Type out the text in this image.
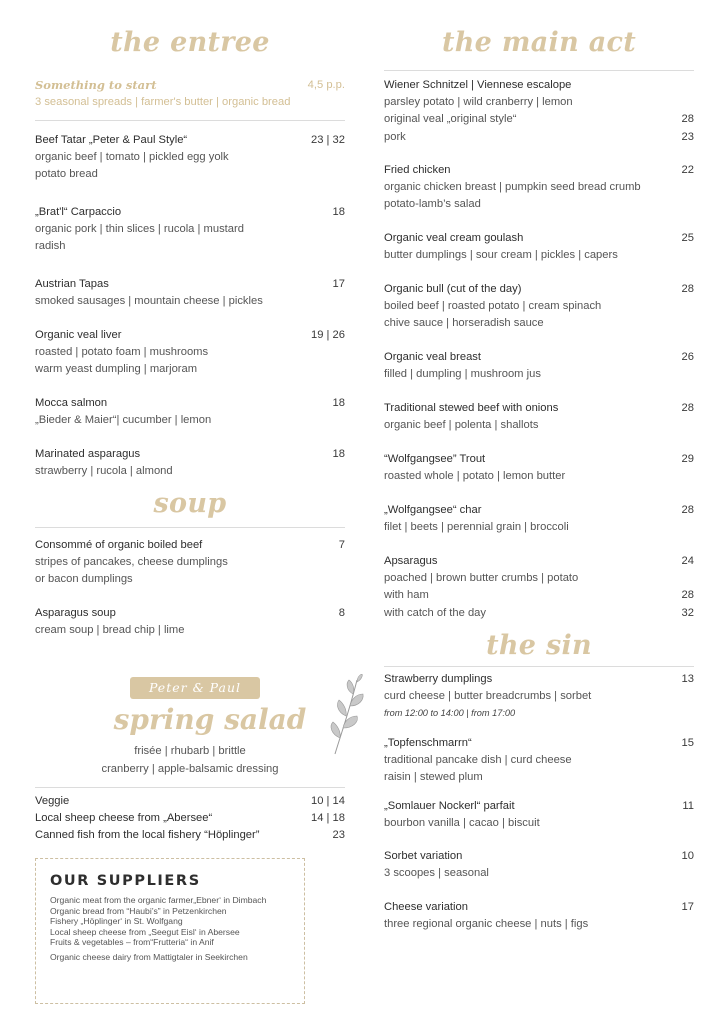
the entree
Something to start	4,5 p.p.
3 seasonal spreads | farmer's butter | organic bread
Beef Tatar „Peter & Paul Style“	23 | 32
organic beef | tomato | pickled egg yolk
potato bread
„Brat'l“ Carpaccio	18
organic pork | thin slices | rucola | mustard
radish
Austrian Tapas	17
smoked sausages | mountain cheese | pickles
Organic veal liver	19 | 26
roasted | potato foam | mushrooms
warm yeast dumpling | marjoram
Mocca salmon	18
„Bieder & Maier“| cucumber | lemon
Marinated asparagus	18
strawberry | rucola | almond
soup
Consommé of organic boiled beef	7
stripes of pancakes, cheese dumplings
or bacon dumplings
Asparagus soup	8
cream soup | bread chip | lime
Peter & Paul
spring salad
frisée | rhubarb | brittle
cranberry | apple-balsamic dressing
Veggie	10 | 14
Local sheep cheese from „Abersee“	14 | 18
Canned fish from the local fishery “Höplinger”	23
OUR SUPPLIERS
Organic meat from the organic farmer„Ebner‘ in Dimbach
Organic bread from “Haubi’s” in Petzenkirchen
Fishery „Höplinger‘ in St. Wolfgang
Local sheep cheese from „Seegut Eisl‘ in Abersee
Fruits & vegetables – from“Frutteria“ in Anif
Organic cheese dairy from Mattigtaler in Seekirchen
the main act
Wiener Schnitzel | Viennese escalope
parsley potato | wild cranberry | lemon
original veal „original style“	28
pork	23
Fried chicken	22
organic chicken breast | pumpkin seed bread crumb
potato-lamb’s salad
Organic veal cream goulash	25
butter dumplings | sour cream | pickles | capers
Organic bull (cut of the day)	28
boiled beef | roasted potato | cream spinach
chive sauce | horseradish sauce
Organic veal breast	26
filled | dumpling | mushroom jus
Traditional stewed beef with onions	28
organic beef | polenta | shallots
“Wolfgangsee” Trout	29
roasted whole | potato | lemon butter
„Wolfgangsee“ char	28
filet | beets | perennial grain | broccoli
Apsaragus	24
poached | brown butter crumbs | potato
with ham	28
with catch of the day	32
the sin
Strawberry dumplings	13
curd cheese | butter breadcrumbs | sorbet
from 12:00 to 14:00 | from 17:00
„Topfenschmarrn“	15
traditional pancake dish | curd cheese
raisin | stewed plum
„Somlauer Nockerl“ parfait	11
bourbon vanilla | cacao | biscuit
Sorbet variation	10
3 scoopes | seasonal
Cheese variation	17
three regional organic cheese | nuts | figs
